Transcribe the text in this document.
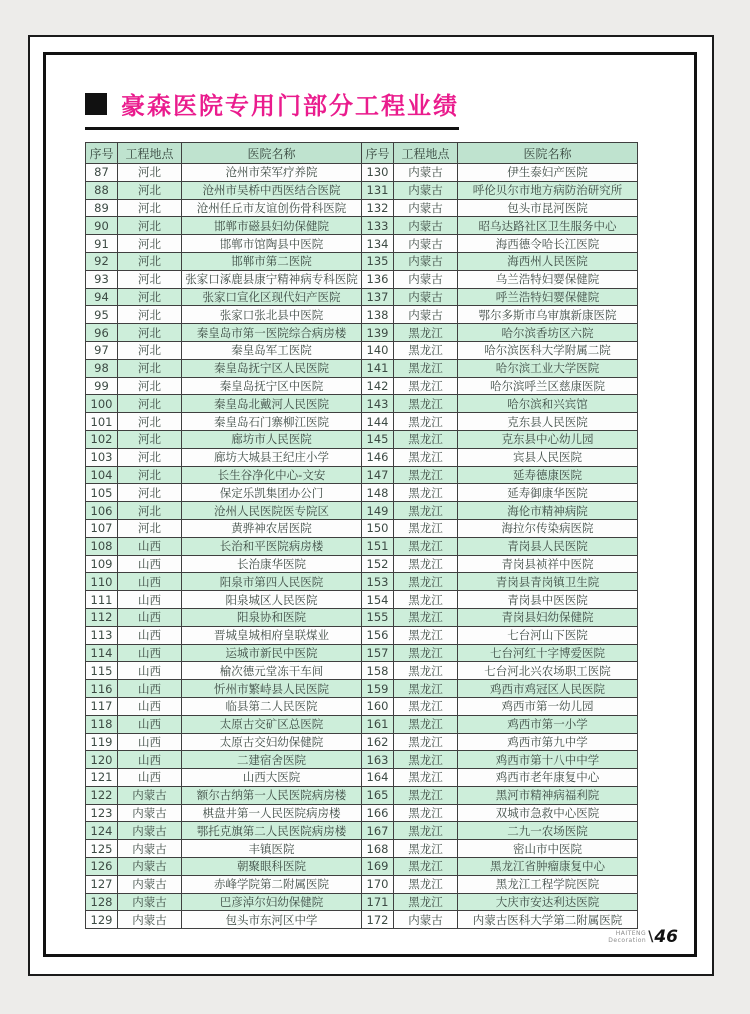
豪森医院专用门部分工程业绩
序号	工程地点	医院名称	序号	工程地点	医院名称
87	河北	沧州市荣军疗养院	130	内蒙古	伊生泰妇产医院
88	河北	沧州市吴桥中西医结合医院	131	内蒙古	呼伦贝尔市地方病防治研究所
89	河北	沧州任丘市友谊创伤骨科医院	132	内蒙古	包头市昆河医院
90	河北	邯郸市磁县妇幼保健院	133	内蒙古	昭乌达路社区卫生服务中心
91	河北	邯郸市馆陶县中医院	134	内蒙古	海西德令哈长江医院
92	河北	邯郸市第二医院	135	内蒙古	海西州人民医院
93	河北	张家口涿鹿县康宁精神病专科医院	136	内蒙古	乌兰浩特妇婴保健院
94	河北	张家口宣化区现代妇产医院	137	内蒙古	呼兰浩特妇婴保健院
95	河北	张家口张北县中医院	138	内蒙古	鄂尔多斯市乌审旗新康医院
96	河北	秦皇岛市第一医院综合病房楼	139	黑龙江	哈尔滨香坊区六院
97	河北	秦皇岛军工医院	140	黑龙江	哈尔滨医科大学附属二院
98	河北	秦皇岛抚宁区人民医院	141	黑龙江	哈尔滨工业大学医院
99	河北	秦皇岛抚宁区中医院	142	黑龙江	哈尔滨呼兰区慈康医院
100	河北	秦皇岛北戴河人民医院	143	黑龙江	哈尔滨和兴宾馆
101	河北	秦皇岛石门寨柳江医院	144	黑龙江	克东县人民医院
102	河北	廊坊市人民医院	145	黑龙江	克东县中心幼儿园
103	河北	廊坊大城县王纪庄小学	146	黑龙江	宾县人民医院
104	河北	长生谷净化中心-文安	147	黑龙江	延寿德康医院
105	河北	保定乐凯集团办公门	148	黑龙江	延寿御康华医院
106	河北	沧州人民医院医专院区	149	黑龙江	海伦市精神病院
107	河北	黄骅神农居医院	150	黑龙江	海拉尔传染病医院
108	山西	长治和平医院病房楼	151	黑龙江	青岗县人民医院
109	山西	长治康华医院	152	黑龙江	青岗县祯祥中医院
110	山西	阳泉市第四人民医院	153	黑龙江	青岗县青岗镇卫生院
111	山西	阳泉城区人民医院	154	黑龙江	青岗县中医医院
112	山西	阳泉协和医院	155	黑龙江	青岗县妇幼保健院
113	山西	晋城皇城相府皇联煤业	156	黑龙江	七台河山下医院
114	山西	运城市新民中医院	157	黑龙江	七台河红十字博爱医院
115	山西	榆次德元堂冻干车间	158	黑龙江	七台河北兴农场职工医院
116	山西	忻州市繁峙县人民医院	159	黑龙江	鸡西市鸡冠区人民医院
117	山西	临县第二人民医院	160	黑龙江	鸡西市第一幼儿园
118	山西	太原古交矿区总医院	161	黑龙江	鸡西市第一小学
119	山西	太原古交妇幼保健院	162	黑龙江	鸡西市第九中学
120	山西	二建宿舍医院	163	黑龙江	鸡西市第十八中中学
121	山西	山西大医院	164	黑龙江	鸡西市老年康复中心
122	内蒙古	额尔古纳第一人民医院病房楼	165	黑龙江	黑河市精神病福利院
123	内蒙古	棋盘井第一人民医院病房楼	166	黑龙江	双城市急救中心医院
124	内蒙古	鄂托克旗第二人民医院病房楼	167	黑龙江	二九一农场医院
125	内蒙古	丰镇医院	168	黑龙江	密山市中医院
126	内蒙古	朝聚眼科医院	169	黑龙江	黑龙江省肿瘤康复中心
127	内蒙古	赤峰学院第二附属医院	170	黑龙江	黑龙江工程学院医院
128	内蒙古	巴彦淖尔妇幼保健院	171	黑龙江	大庆市安达利达医院
129	内蒙古	包头市东河区中学	172	内蒙古	内蒙古医科大学第二附属医院
HAITENG
Decoration \ 46
